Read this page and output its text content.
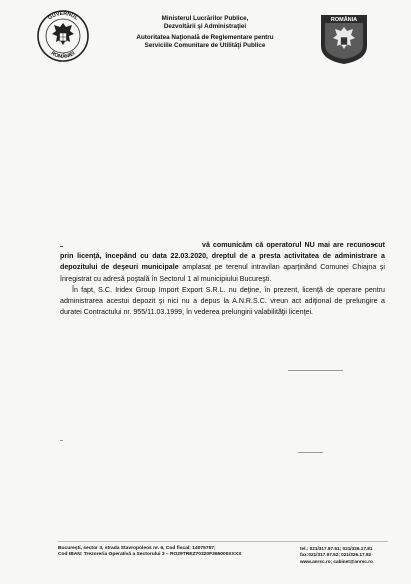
GUVERNUL
ROMÂNIEI
Ministerul Lucrărilor Publice,
Dezvoltării şi Administraţiei
Autoritatea Naţională de Reglementare pentru
Serviciile Comunitare de Utilităţi Publice
ROMÂNIA

vă comunicăm că operatorul NU mai are recunoscut prin licenţă, începând cu data 22.03.2020, dreptul de a presta activitatea de administrare a depozitului de deşeuri municipale amplasat pe terenul intravilan aparţinând Comunei Chiajna şi înregistrat cu adresă poştală în Sectorul 1 al municipiului Bucureşti.

În fapt, S.C. Iridex Group Import Export S.R.L. nu deţine, în prezent, licenţă de operare pentru administrarea acestui depozit şi nici nu a depus la A.N.R.S.C. vreun act adiţional de prelungire a duratei Contractului nr. 955/11.03.1999, în vederea prelungirii valabilităţii licenţei.

Bucureşti, sector 3, strada Stavropoleos nr. 6, Cod fiscal: 14075757;
Cod IBAN: Trezoreria Operativă a Sectorului 3 – RO29TREZ70320F365000XXXX
tel.: 021/317.97.51; 021/326.17.81
fax:021/317.97.52; 021/326.17.82
www.anrsc.ro; cabinet@anrsc.ro
